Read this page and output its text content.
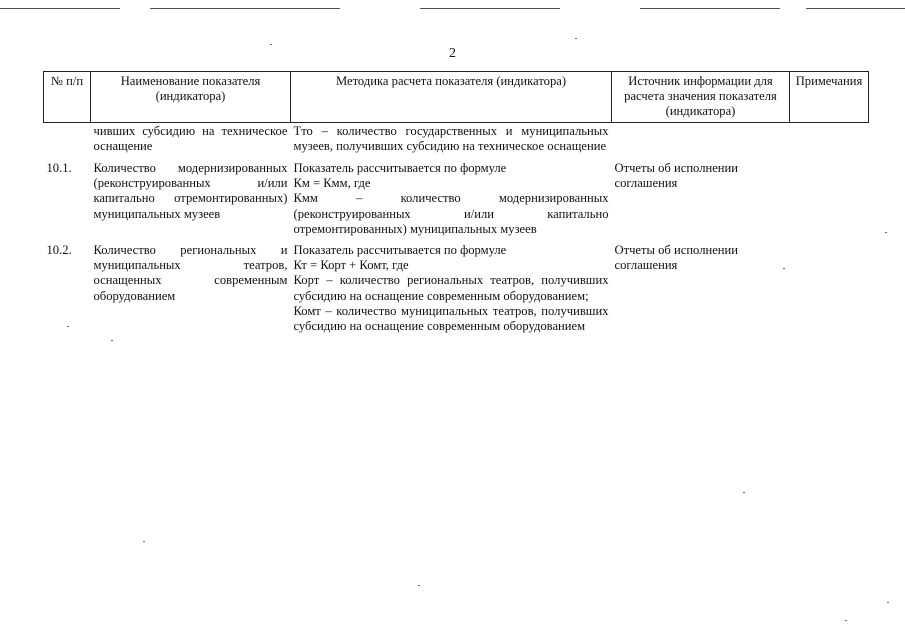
2
№ п/п	Наименование показателя (индикатора)	Методика расчета показателя (индикатора)	Источник информации для расчета значения показателя (индикатора)	Примечания
	чивших субсидию на техническое оснащение	Тто – количество государственных и муниципальных музеев, получивших субсидию на техническое оснащение		

10.1.	Количество модернизированных (реконструированных и/или капитально отремонтированных) муниципальных музеев	Показатель рассчитывается по формуле

Км = Кмм, где

Кмм – количество модернизированных (реконструированных и/или капитально отремонтированных) муниципальных музеев	Отчеты об исполнении соглашения	
10.2.	Количество региональных и муниципальных театров, оснащенных современным оборудованием	Показатель рассчитывается по формуле

Кт = Корт + Комт, где

Корт – количество региональных театров, получивших субсидию на оснащение современным оборудованием;

Комт – количество муниципальных театров, получивших субсидию на оснащение современным оборудованием	Отчеты об исполнении соглашения	
